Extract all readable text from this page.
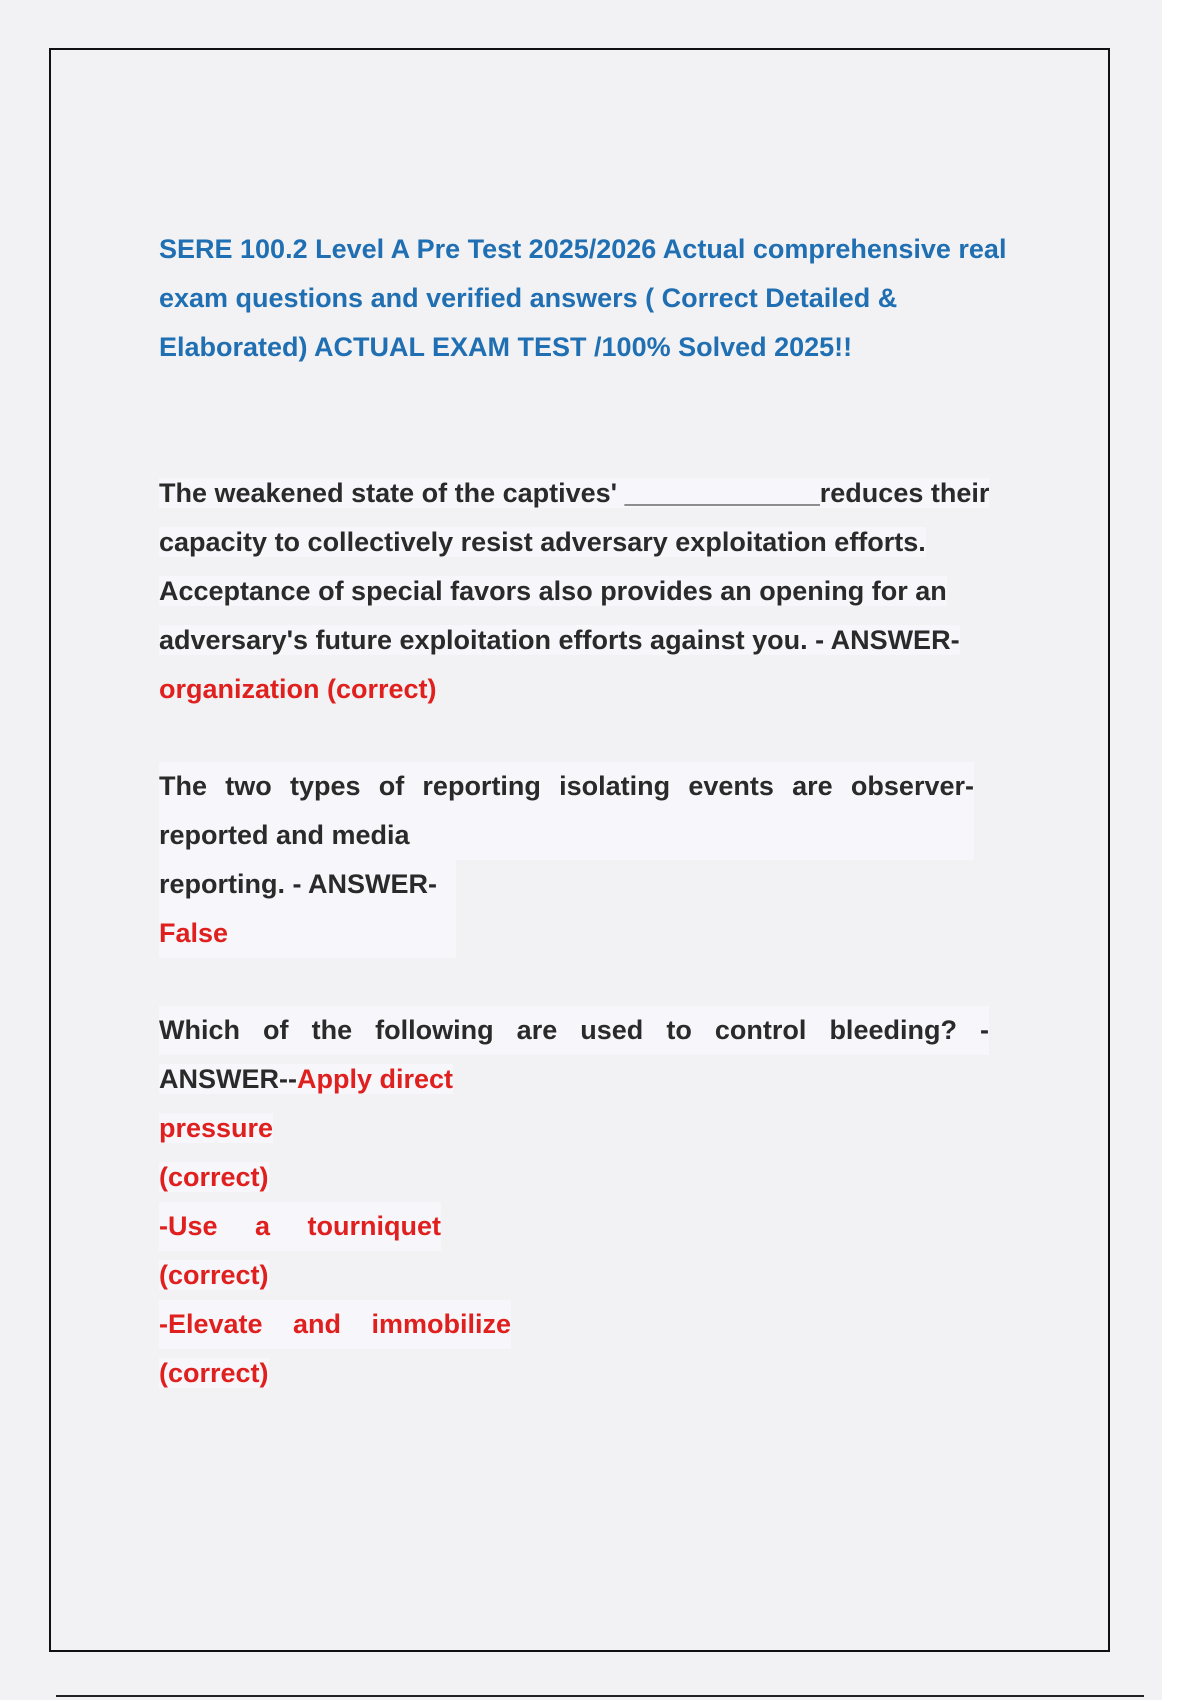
SERE 100.2 Level A Pre Test 2025/2026 Actual comprehensive real exam questions and verified answers ( Correct Detailed & Elaborated) ACTUAL EXAM TEST /100% Solved 2025!!

The weakened state of the captives' _____________reduces their capacity to collectively resist adversary exploitation efforts. Acceptance of special favors also provides an opening for an adversary's future exploitation efforts against you. - ANSWER-
organization (correct)

The two types of reporting isolating events are observer-
reported and media
reporting. - ANSWER-
False
Which of the following are used to control bleeding? -
ANSWER--Apply direct
pressure
(correct)
-Use a tourniquet
(correct)
-Elevate and immobilize
(correct)
